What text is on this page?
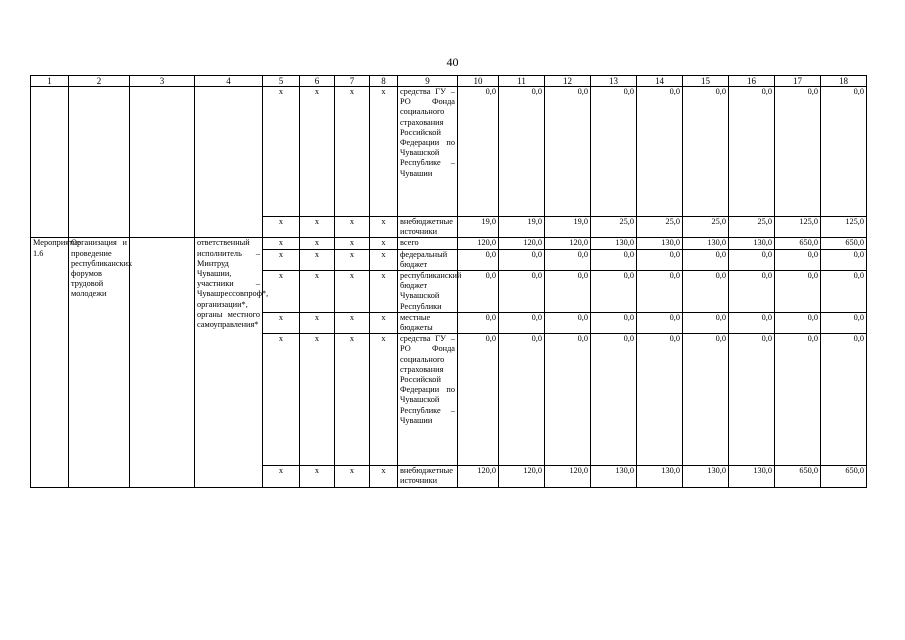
40
1	2	3	4	5	6	7	8	9	10	11	12	13	14	15	16	17	18
				x	x	x	x	средства ГУ – РО Фонда социального страхования Российской Федерации по Чувашской Республике – Чувашии	0,0	0,0	0,0	0,0	0,0	0,0	0,0	0,0	0,0
				x	x	x	x	внебюджетные источники	19,0	19,0	19,0	25,0	25,0	25,0	25,0	125,0	125,0
Мероприятие 1.6	Организация и проведение республиканских форумов трудовой молодежи		ответственный исполнитель – Минтруд Чувашии, участники – Чувашрессовпроф*, организации*, органы местного самоуправления*	x	x	x	x	всего	120,0	120,0	120,0	130,0	130,0	130,0	130,0	650,0	650,0
				x	x	x	x	федеральный бюджет	0,0	0,0	0,0	0,0	0,0	0,0	0,0	0,0	0,0
				x	x	x	x	республиканский бюджет Чувашской Республики	0,0	0,0	0,0	0,0	0,0	0,0	0,0	0,0	0,0
				x	x	x	x	местные бюджеты	0,0	0,0	0,0	0,0	0,0	0,0	0,0	0,0	0,0
				x	x	x	x	средства ГУ – РО Фонда социального страхования Российской Федерации по Чувашской Республике – Чувашии	0,0	0,0	0,0	0,0	0,0	0,0	0,0	0,0	0,0
				x	x	x	x	внебюджетные источники	120,0	120,0	120,0	130,0	130,0	130,0	130,0	650,0	650,0
